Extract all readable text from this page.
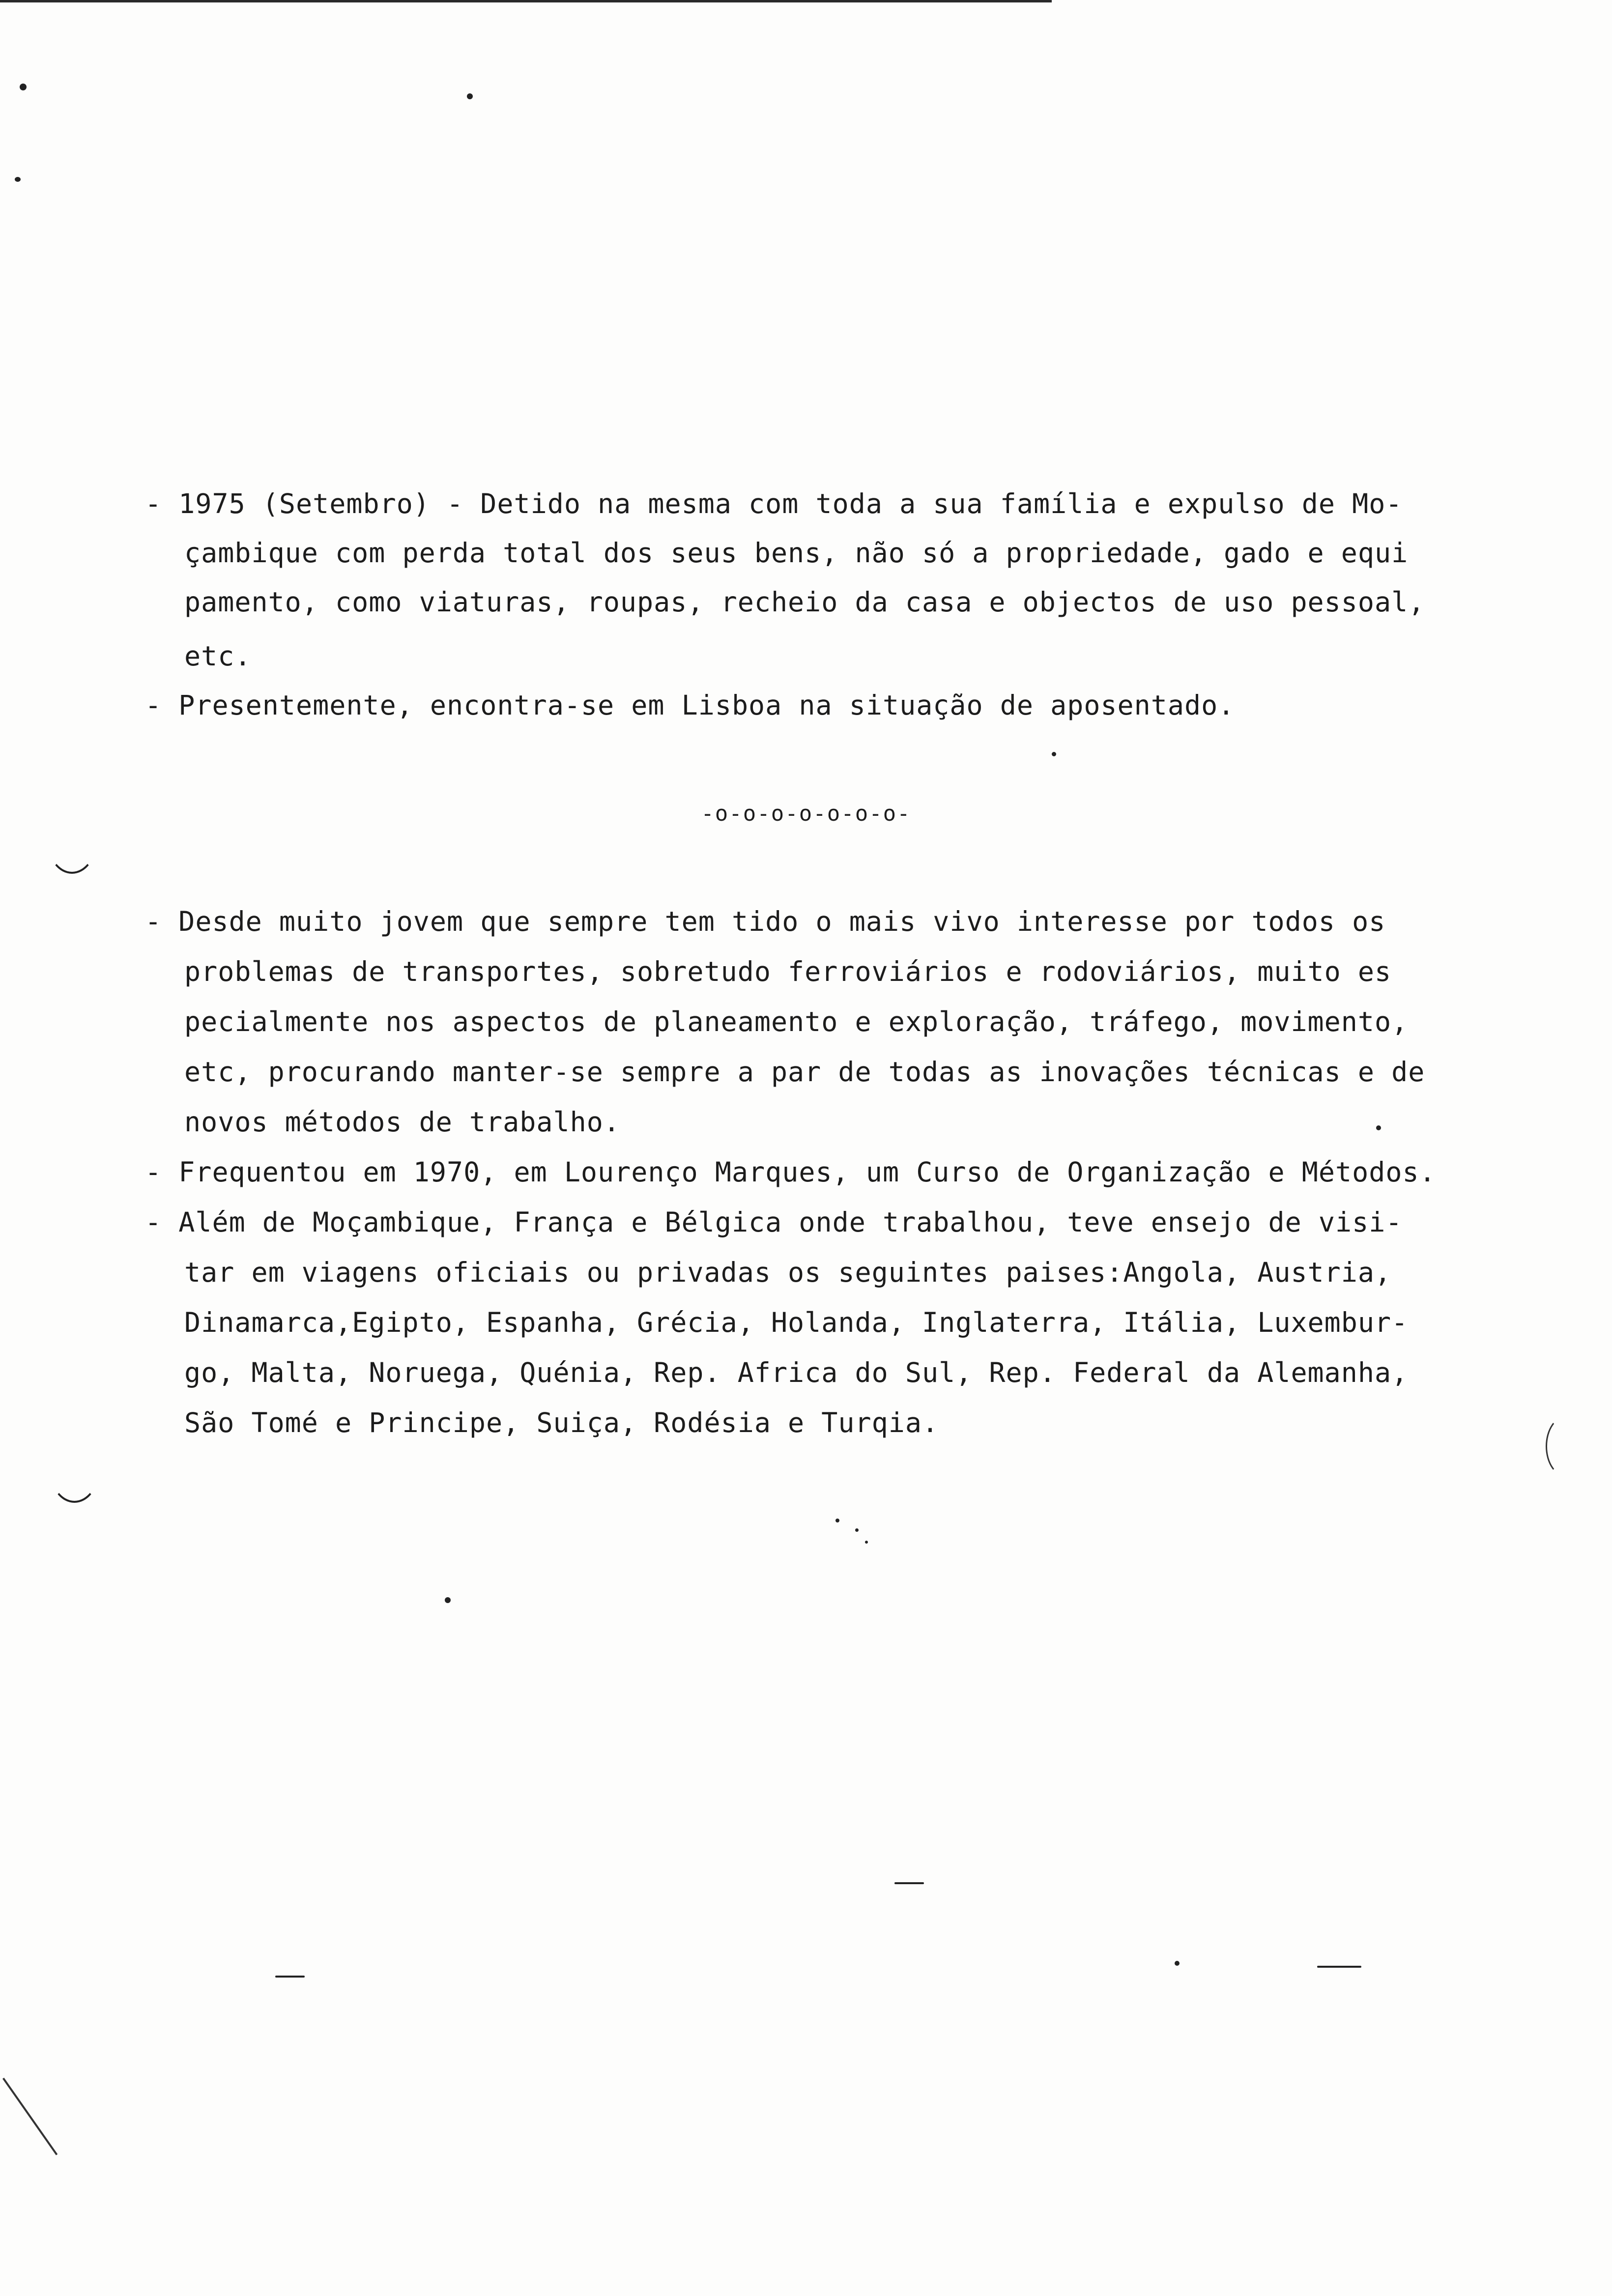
- 1975 (Setembro) - Detido na mesma com toda a sua família e expulso de Mo-
çambique com perda total dos seus bens, não só a propriedade, gado e equi
pamento, como viaturas, roupas, recheio da casa e objectos de uso pessoal,
etc.
- Presentemente, encontra-se em Lisboa na situação de aposentado.
-o-o-o-o-o-o-o-
- Desde muito jovem que sempre tem tido o mais vivo interesse por todos os
problemas de transportes, sobretudo ferroviários e rodoviários, muito es
pecialmente nos aspectos de planeamento e exploração, tráfego, movimento,
etc, procurando manter-se sempre a par de todas as inovações técnicas e de
novos métodos de trabalho.
- Frequentou em 1970, em Lourenço Marques, um Curso de Organização e Métodos.
- Além de Moçambique, França e Bélgica onde trabalhou, teve ensejo de visi-
tar em viagens oficiais ou privadas os seguintes paises:Angola, Austria,
Dinamarca,Egipto, Espanha, Grécia, Holanda, Inglaterra, Itália, Luxembur-
go, Malta, Noruega, Quénia, Rep. Africa do Sul, Rep. Federal da Alemanha,
São Tomé e Principe, Suiça, Rodésia e Turqia.
